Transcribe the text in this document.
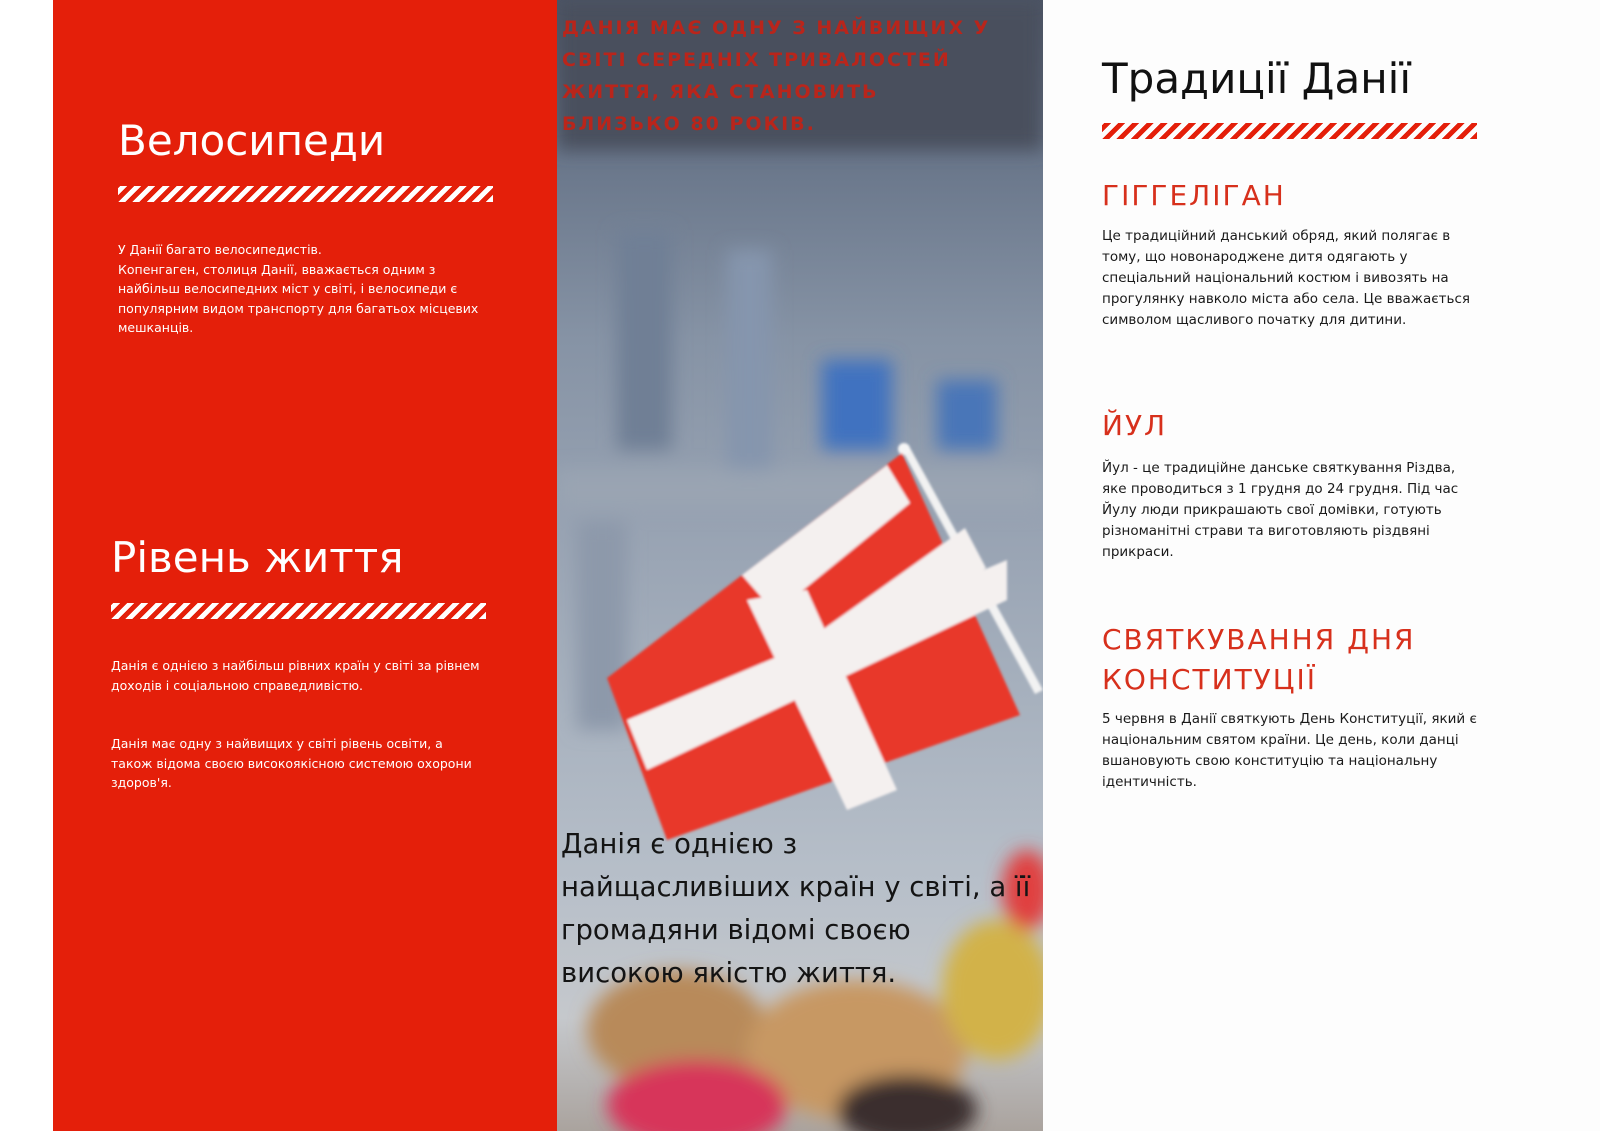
Велосипеди

У Данії багато велосипедистів.
Копенгаген, столиця Данії, вважається одним з найбільш велосипедних міст у світі, і велосипеди є популярним видом транспорту для багатьох місцевих мешканців.

Рівень життя

Данія є однією з найбільш рівних країн у світі за рівнем доходів і соціальною справедливістю.

Данія має одну з найвищих у світі рівень освіти, а також відома своєю високоякісною системою охорони здоров'я.

ДАНІЯ МАЄ ОДНУ З НАЙВИЩИХ У СВІТІ СЕРЕДНІХ ТРИВАЛОСТЕЙ ЖИТТЯ, ЯКА СТАНОВИТЬ БЛИЗЬКО 80 РОКІВ.

Данія є однією з найщасливіших країн у світі, а її громадяни відомі своєю високою якістю життя.

Традиції Данії
ГІГГЕЛІГАН

Це традиційний данський обряд, який полягає в тому, що новонароджене дитя одягають у спеціальний національний костюм і вивозять на прогулянку навколо міста або села. Це вважається символом щасливого початку для дитини.

ЙУЛ

Йул - це традиційне данське святкування Різдва, яке проводиться з 1 грудня до 24 грудня. Під час Йулу люди прикрашають свої домівки, готують різноманітні страви та виготовляють різдвяні прикраси.

СВЯТКУВАННЯ ДНЯ КОНСТИТУЦІЇ

5 червня в Данії святкують День Конституції, який є національним святом країни. Це день, коли данці вшановують свою конституцію та національну ідентичність.
